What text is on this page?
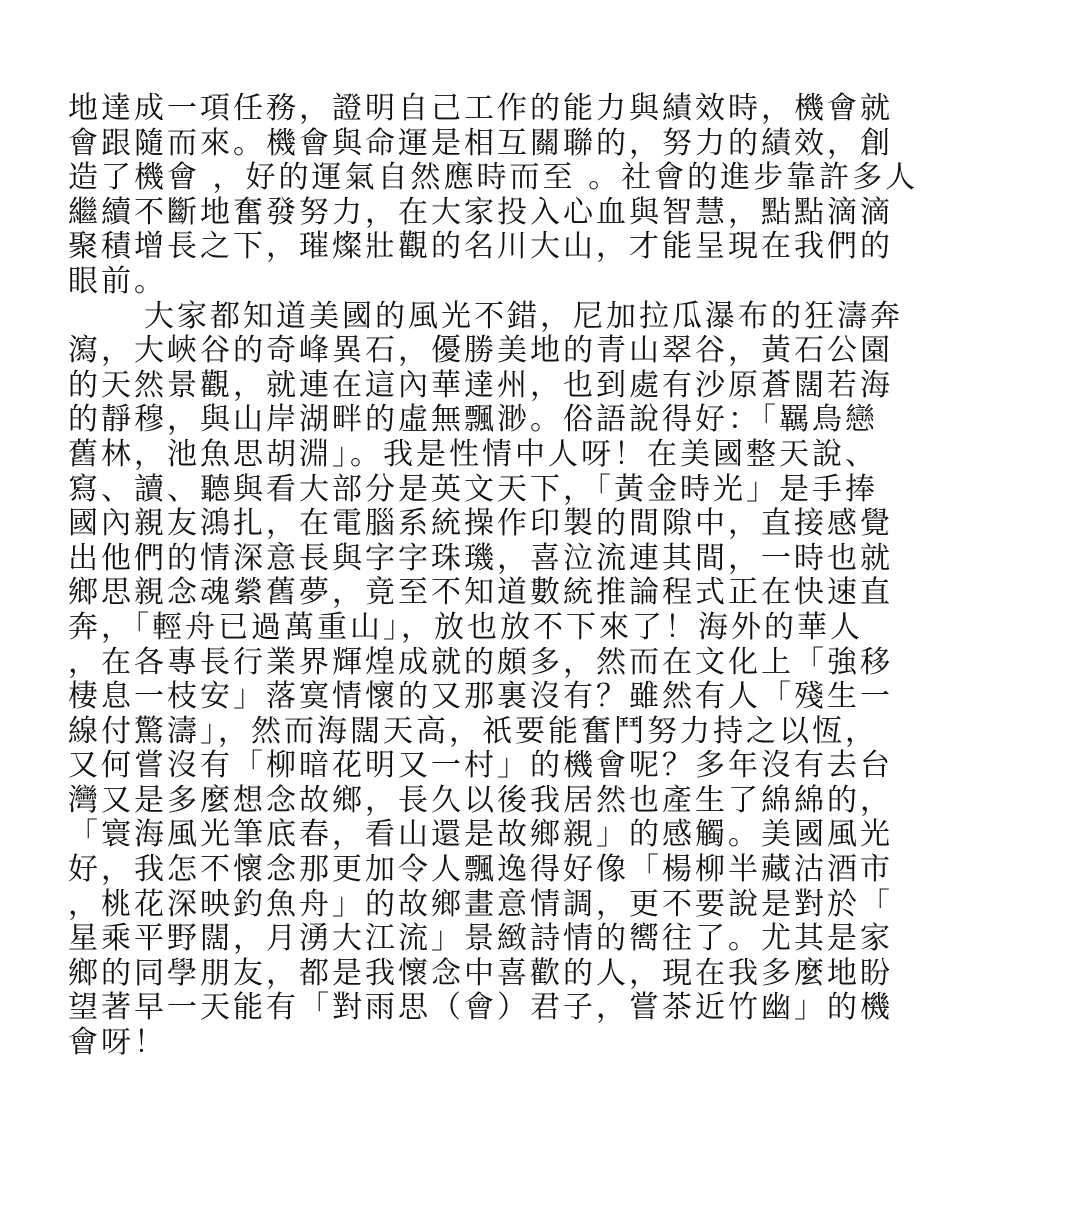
地達成一項任務，證明自己工作的能力與績效時，機會就
會跟隨而來。機會與命運是相互關聯的，努力的績效，創
造了機會 ，好的運氣自然應時而至 。社會的進步靠許多人
繼續不斷地奮發努力，在大家投入心血與智慧，點點滴滴
聚積增長之下，璀燦壯觀的名川大山，才能呈現在我們的
眼前。
大家都知道美國的風光不錯，尼加拉瓜瀑布的狂濤奔
瀉，大峽谷的奇峰異石，優勝美地的青山翠谷，黃石公園
的天然景觀，就連在這內華達州，也到處有沙原蒼闊若海
的靜穆，與山岸湖畔的虛無飄渺。俗語說得好：「羈鳥戀
舊林，池魚思胡淵」。我是性情中人呀！在美國整天說、
寫、讀、聽與看大部分是英文天下，「黃金時光」是手捧
國內親友鴻扎，在電腦系統操作印製的間隙中，直接感覺
出他們的情深意長與字字珠璣，喜泣流連其間，一時也就
鄉思親念魂縈舊夢，竟至不知道數統推論程式正在快速直
奔，「輕舟已過萬重山」，放也放不下來了！海外的華人
，在各專長行業界輝煌成就的頗多，然而在文化上「強移
棲息一枝安」落寞情懷的又那裏沒有？雖然有人「殘生一
線付驚濤」，然而海闊天高，祇要能奮鬥努力持之以恆，
又何嘗沒有「柳暗花明又一村」的機會呢？多年沒有去台
灣又是多麼想念故鄉，長久以後我居然也產生了綿綿的，
「寰海風光筆底春，看山還是故鄉親」的感觸。美國風光
好，我怎不懷念那更加令人飄逸得好像「楊柳半藏沽酒市
，桃花深映釣魚舟」的故鄉畫意情調，更不要說是對於「
星乘平野闊，月湧大江流」景緻詩情的嚮往了。尤其是家
鄉的同學朋友，都是我懷念中喜歡的人，現在我多麼地盼
望著早一天能有「對雨思（會）君子，嘗茶近竹幽」的機
會呀！
